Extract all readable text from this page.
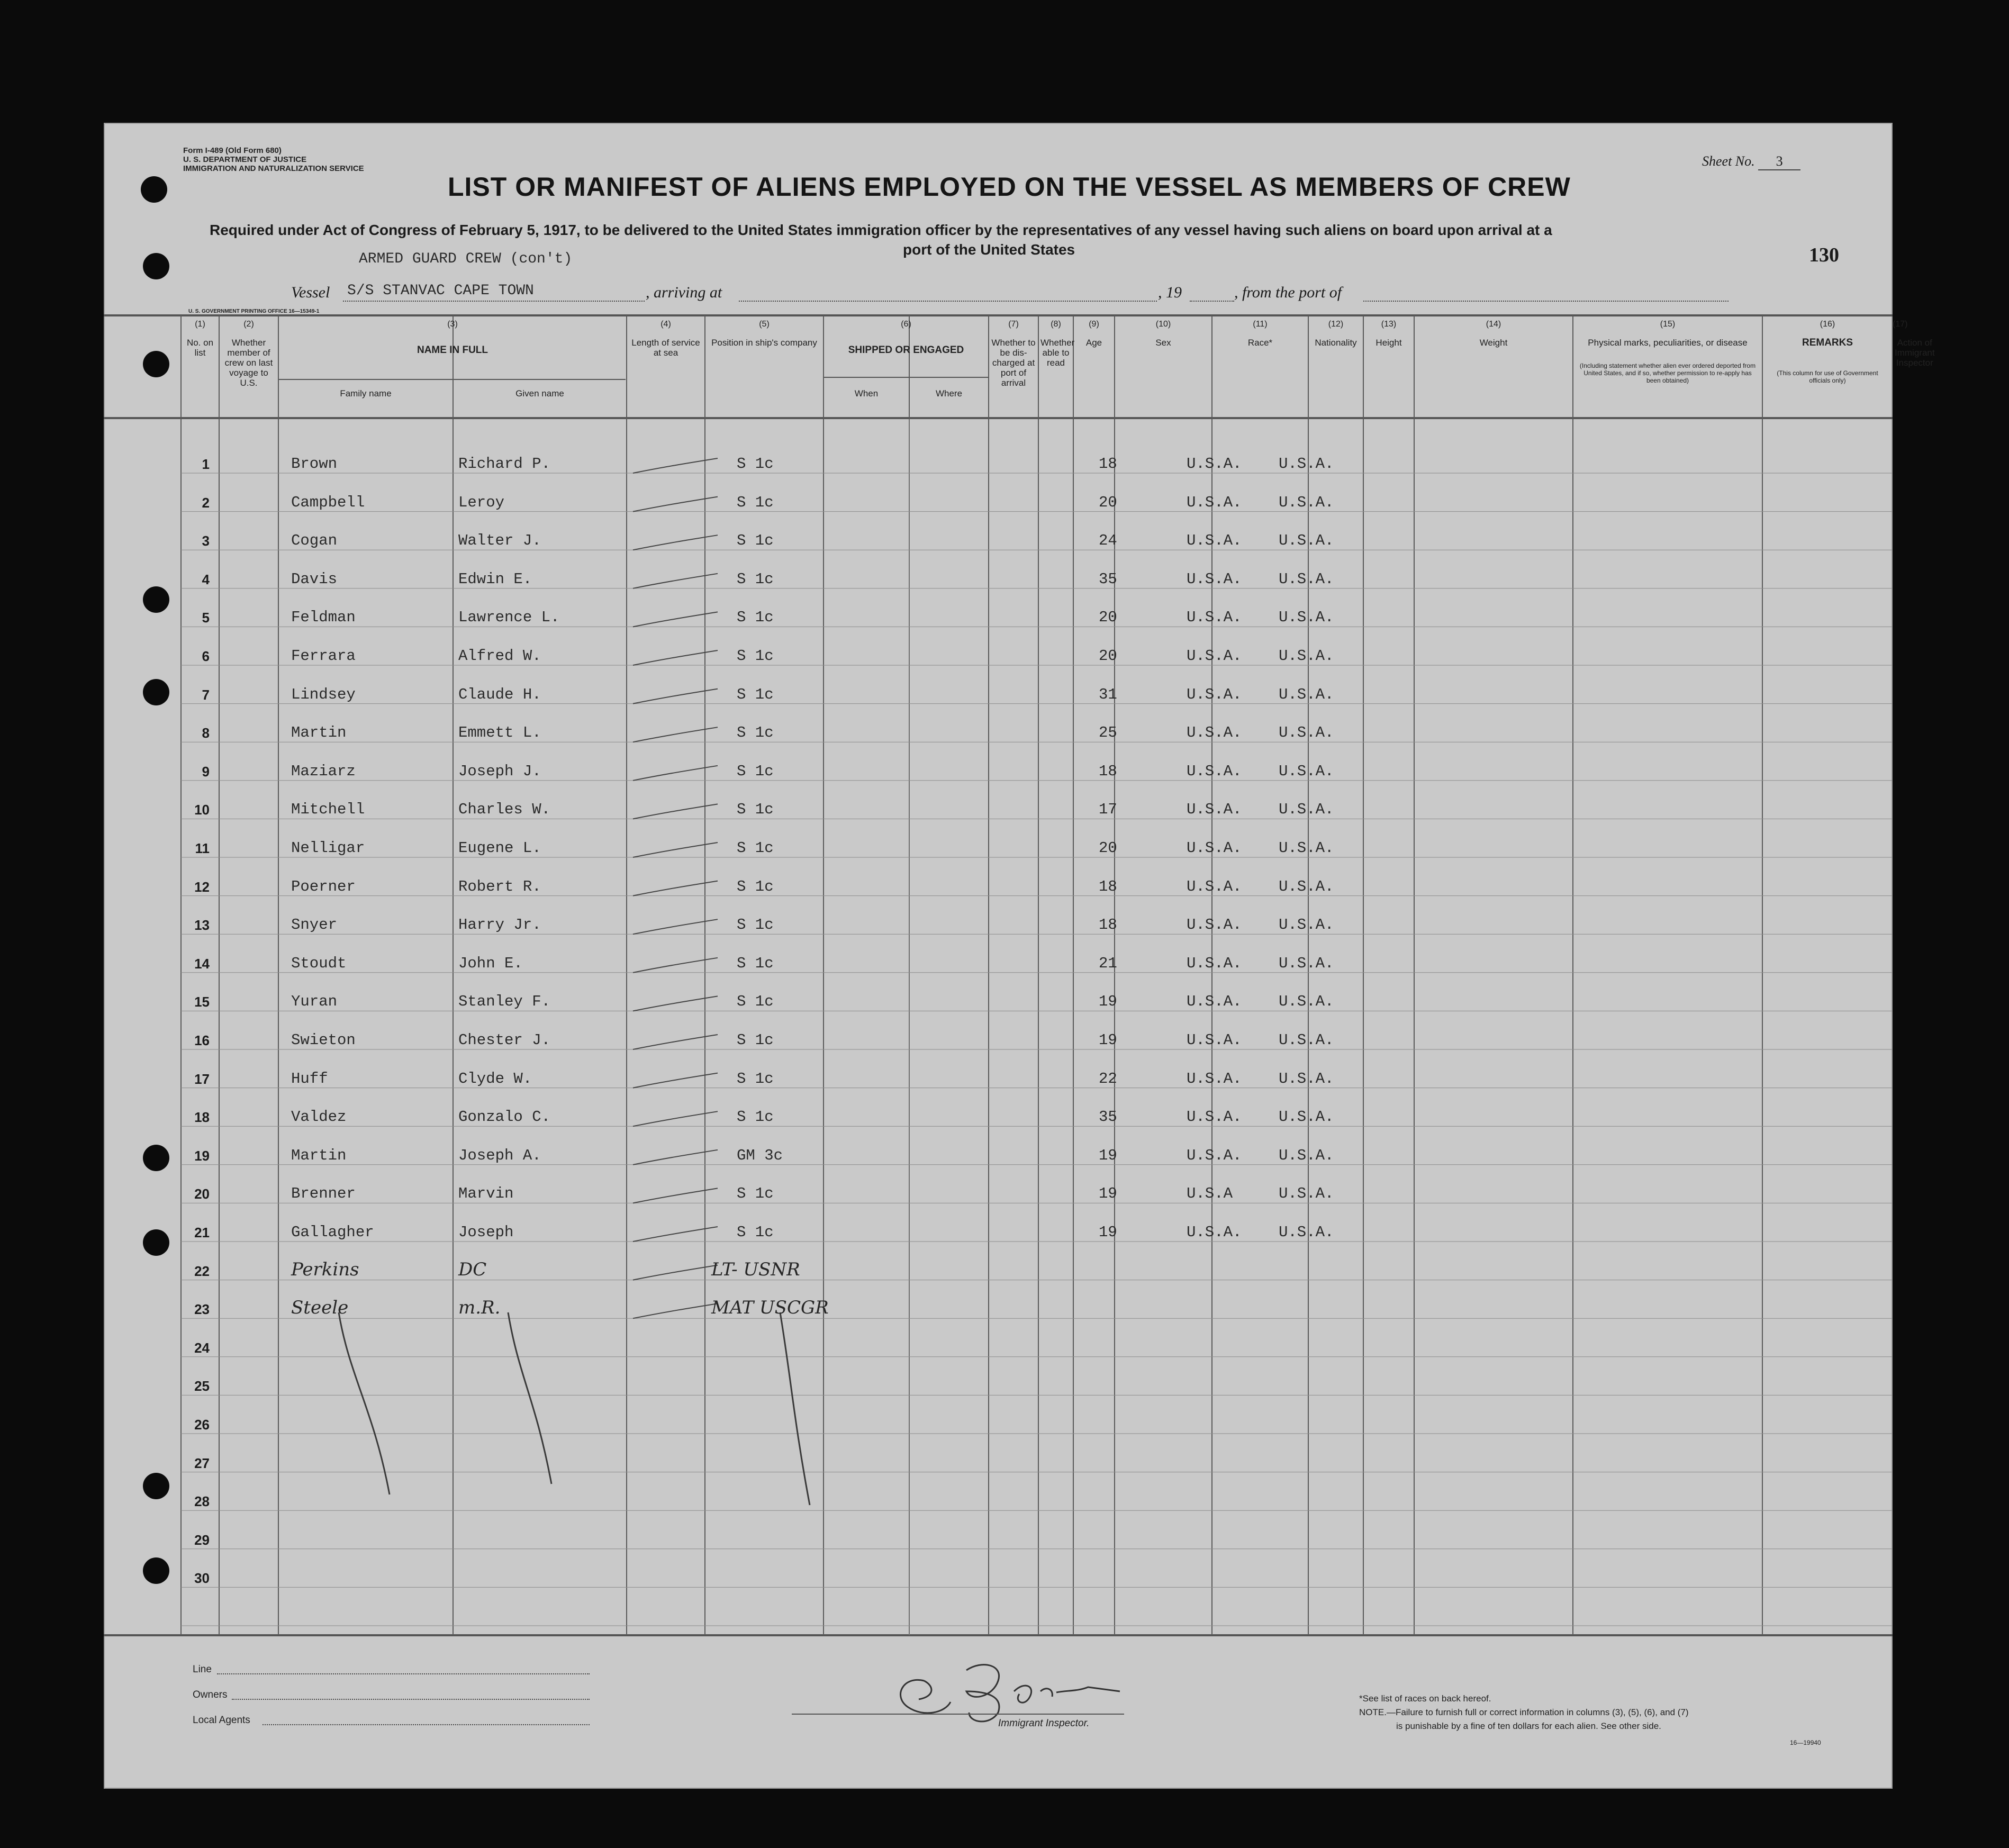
Form I-489 (Old Form 680)
U. S. DEPARTMENT OF JUSTICE
IMMIGRATION AND NATURALIZATION SERVICE	Sheet No. 3
LIST OR MANIFEST OF ALIENS EMPLOYED ON THE VESSEL AS MEMBERS OF CREW
Required under Act of Congress of February 5, 1917, to be delivered to the United States immigration officer by the representatives of any vessel having such aliens on board upon arrival at a
port of the United States	130
ARMED GUARD CREW (con't)
Vessel S/S STANVAC CAPE TOWN	, arriving at	, 19	, from the port of
U. S. GOVERNMENT PRINTING OFFICE 16—15349-1
(1)
No. on list
(2)
Whether member of crew on last voyage to U.S.
(3)
NAME IN FULL
(4)
Length of service at sea
(5)
Position in ship's company
(6)
SHIPPED OR ENGAGED
(7)
Whether to be dis-charged at port of arrival
(8)
Whether able to read
(9)
Age
(10)
Sex
(11)
Race*
(12)
Nationality
(13)
Height
(14)
Weight
(15)
Physical marks, peculiarities, or disease
(16)
REMARKS
(17)
Action of Immigrant Inspector
Family name	Given name	When	Where
(Including statement whether alien ever ordered deported from United States, and if so, whether permission to re-apply has been obtained)
(This column for use of Government officials only)
1	Brown	Richard P.	S 1c	18	U.S.A. U.S.A.
2	Campbell	Leroy	S 1c	20	U.S.A. U.S.A.
3	Cogan	Walter J.	S 1c	24	U.S.A. U.S.A.
4	Davis	Edwin E.	S 1c	35	U.S.A. U.S.A.
5	Feldman	Lawrence L.	S 1c	20	U.S.A. U.S.A.
6	Ferrara	Alfred W.	S 1c	20	U.S.A. U.S.A.
7	Lindsey	Claude H.	S 1c	31	U.S.A. U.S.A.
8	Martin	Emmett L.	S 1c	25	U.S.A. U.S.A.
9	Maziarz	Joseph J.	S 1c	18	U.S.A. U.S.A.
10	Mitchell	Charles W.	S 1c	17	U.S.A. U.S.A.
11	Nelligar	Eugene L.	S 1c	20	U.S.A. U.S.A.
12	Poerner	Robert R.	S 1c	18	U.S.A. U.S.A.
13	Snyer	Harry Jr.	S 1c	18	U.S.A. U.S.A.
14	Stoudt	John E.	S 1c	21	U.S.A. U.S.A.
15	Yuran	Stanley F.	S 1c	19	U.S.A. U.S.A.
16	Swieton	Chester J.	S 1c	19	U.S.A. U.S.A.
17	Huff	Clyde W.	S 1c	22	U.S.A. U.S.A.
18	Valdez	Gonzalo C.	S 1c	35	U.S.A. U.S.A.
19	Martin	Joseph A.	GM 3c	19	U.S.A. U.S.A.
20	Brenner	Marvin	S 1c	19	U.S.A	U.S.A.
21	Gallagher	Joseph	S 1c	19	U.S.A. U.S.A.
22	Perkins	DC	LT- USNR
23	Steele	m.R.	MAT USCGR
24
25
26
27
28
29
30
Line
Owners
Local Agents	Immigrant Inspector.
*See list of races on back hereof.
NOTE.—Failure to furnish full or correct information in columns (3), (5), (6), and (7)
is punishable by a fine of ten dollars for each alien. See other side.
16—19940
